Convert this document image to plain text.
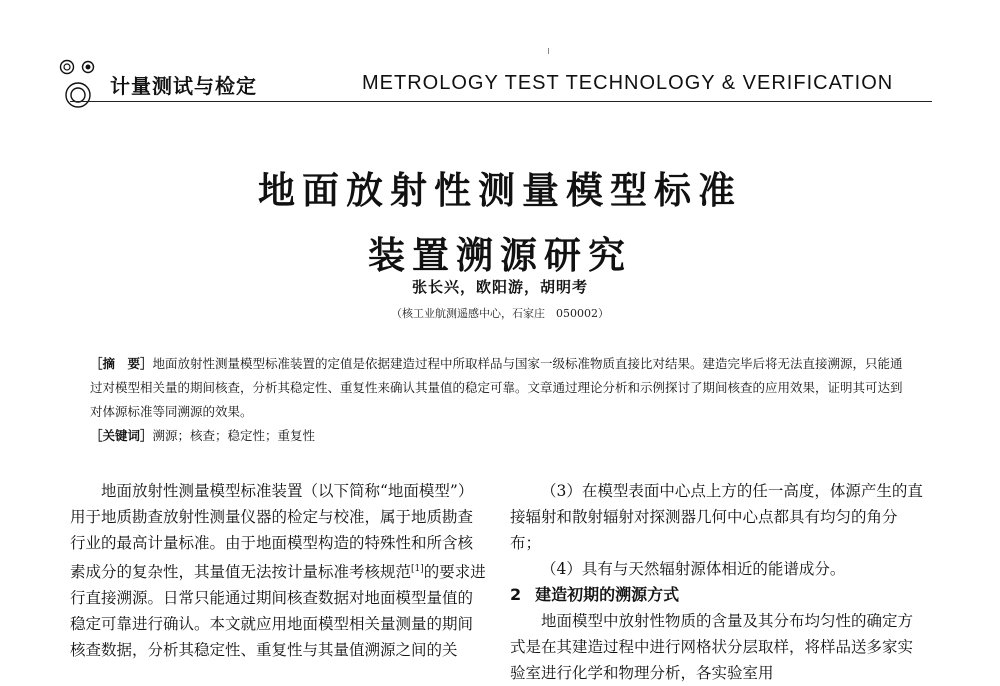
计量测试与检定	METROLOGY TEST TECHNOLOGY & VERIFICATION
地面放射性测量模型标准
装置溯源研究
张长兴，欧阳游，胡明考
（核工业航测遥感中心，石家庄　050002）
［摘　要］地面放射性测量模型标准装置的定值是依据建造过程中所取样品与国家一级标准物质直接比对结果。建造完毕后将无法直接溯源，只能通过对模型相关量的期间核查，分析其稳定性、重复性来确认其量值的稳定可靠。文章通过理论分析和示例探讨了期间核查的应用效果，证明其可达到对体源标准等同溯源的效果。
［关键词］溯源；核查；稳定性；重复性

地面放射性测量模型标准装置（以下简称“地面模型”）用于地质勘查放射性测量仪器的检定与校准，属于地质勘查行业的最高计量标准。由于地面模型构造的特殊性和所含核素成分的复杂性，其量值无法按计量标准考核规范[1]的要求进行直接溯源。日常只能通过期间核查数据对地面模型量值的稳定可靠进行确认。本文就应用地面模型相关量测量的期间核查数据，分析其稳定性、重复性与其量值溯源之间的关

（3）在模型表面中心点上方的任一高度，体源产生的直接辐射和散射辐射对探测器几何中心点都具有均匀的角分布；

（4）具有与天然辐射源体相近的能谱成分。

2 建造初期的溯源方式

地面模型中放射性物质的含量及其分布均匀性的确定方式是在其建造过程中进行网格状分层取样，将样品送多家实验室进行化学和物理分析，各实验室用
